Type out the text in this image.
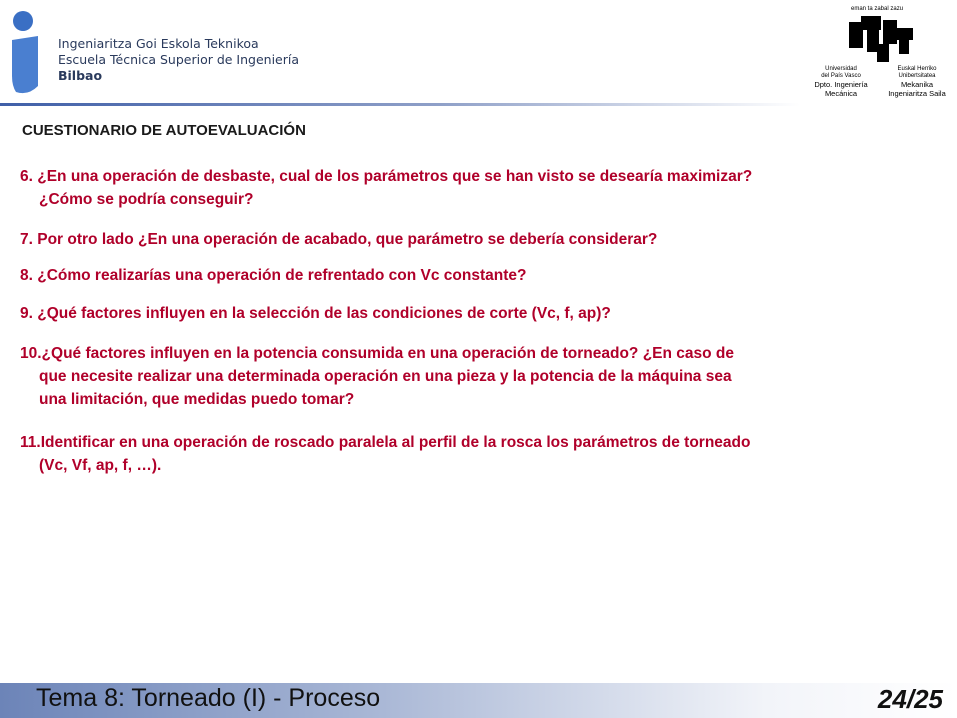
Ingeniaritza Goi Eskola Teknikoa
Escuela Técnica Superior de Ingeniería
Bilbao
eman ta zabal zazu
Universidad
del País Vasco
Dpto. Ingeniería
Mecánica
Euskal Herriko
Unibertsitatea
Mekanika
Ingeniaritza Saila
CUESTIONARIO DE AUTOEVALUACIÓN
6. ¿En una operación de desbaste, cual de los parámetros que se han visto se desearía maximizar?
¿Cómo se podría conseguir?
7. Por otro lado ¿En una operación de acabado, que parámetro se debería considerar?
8. ¿Cómo realizarías una operación de refrentado con Vc constante?
9. ¿Qué factores influyen en la selección de las condiciones de corte (Vc, f, ap)?
10.¿Qué factores influyen en la potencia consumida en una operación de torneado? ¿En caso de
que necesite realizar una determinada operación en una pieza y la potencia de la máquina sea
una limitación, que medidas puedo tomar?
11.Identificar en una operación de roscado paralela al perfil de la rosca los parámetros de torneado
(Vc, Vf, ap, f, …).
Tema 8: Torneado (I) - Proceso	24/25
